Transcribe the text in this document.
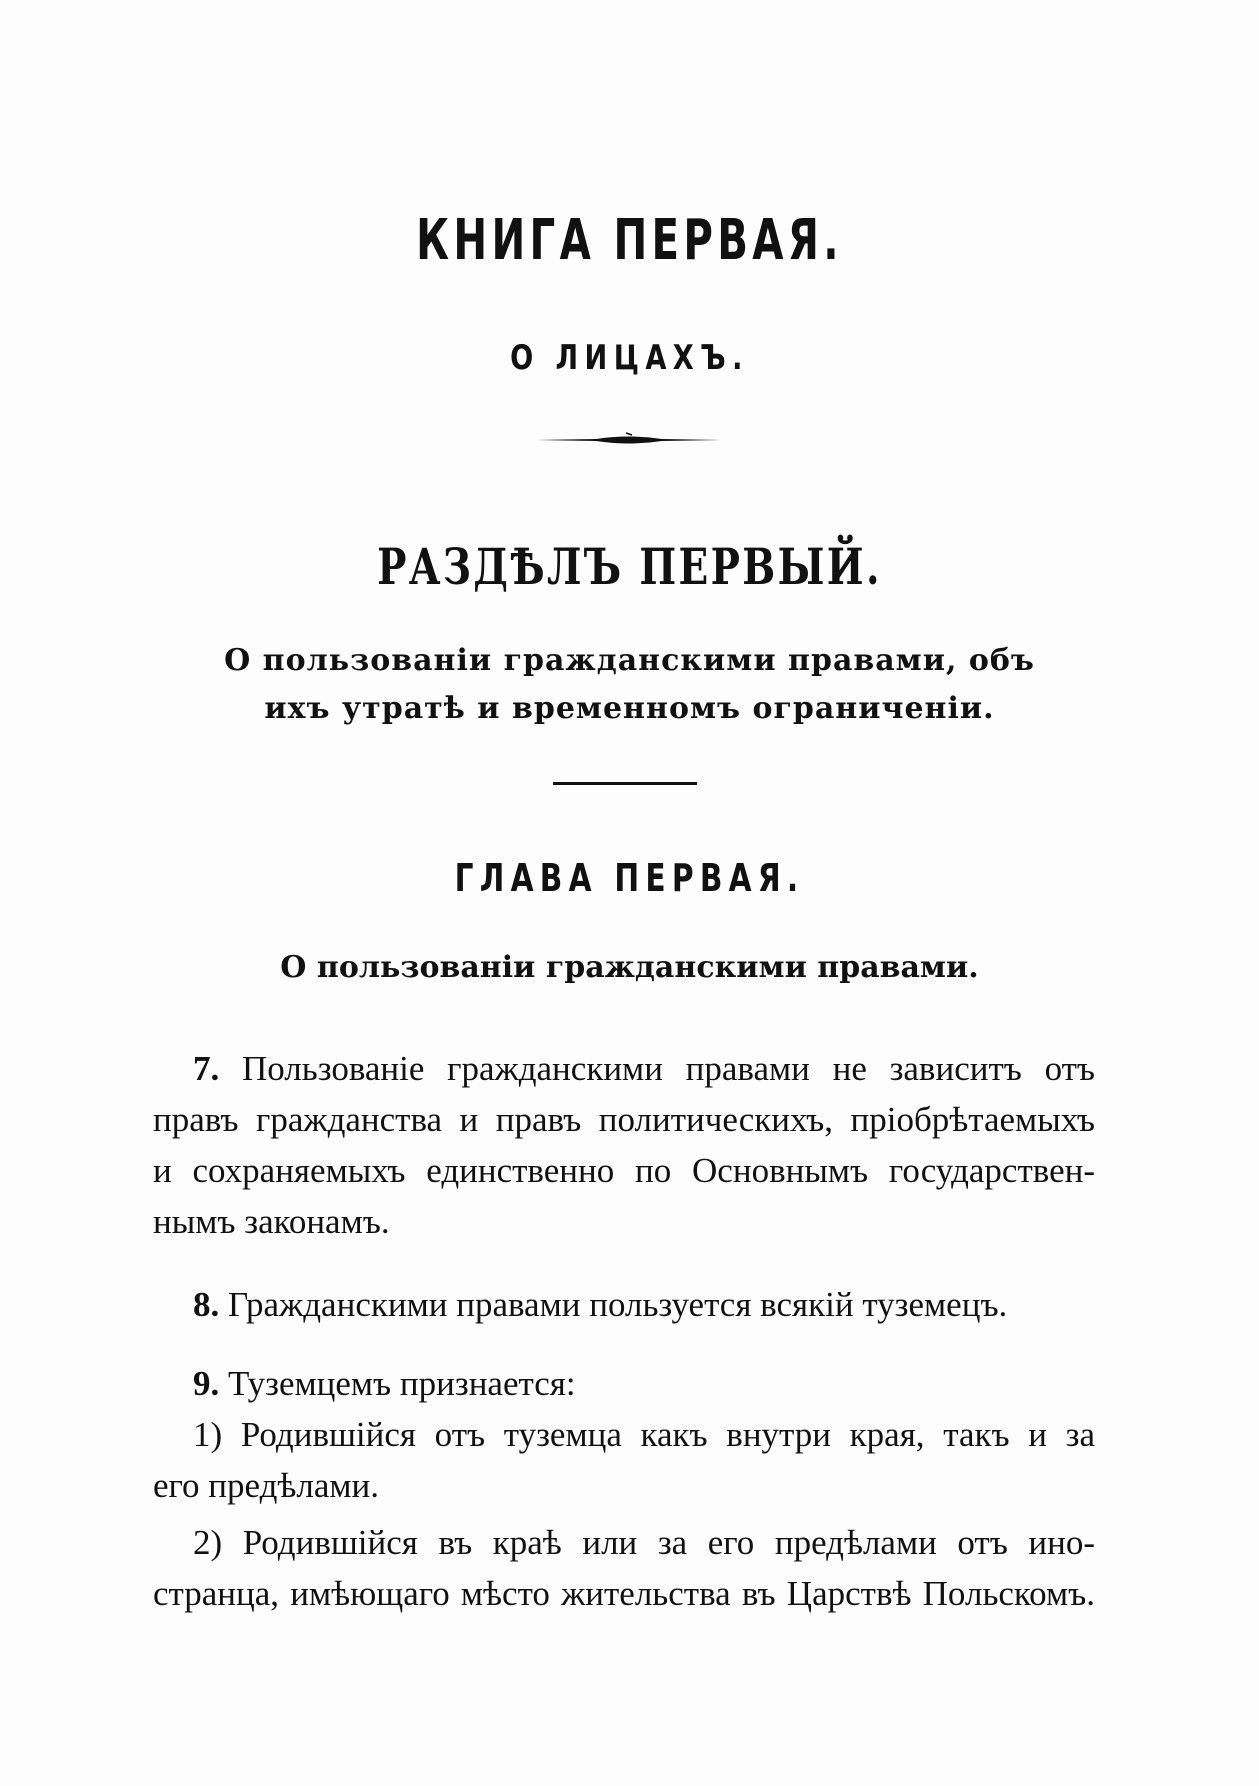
КНИГА ПЕРВАЯ.
О ЛИЦАХЪ.
РАЗДѢЛЪ ПЕРВЫЙ.
О пользованіи гражданскими правами, объ
ихъ утратѣ и временномъ ограниченіи.
ГЛАВА ПЕРВАЯ.
О пользованіи гражданскими правами.
7. Пользованіе гражданскими правами не зависитъ отъ
правъ гражданства и правъ политическихъ, пріобрѣтаемыхъ
и сохраняемыхъ единственно по Основнымъ государствен-
нымъ законамъ.
8. Гражданскими правами пользуется всякій туземецъ.
9. Туземцемъ признается:
1) Родившійся отъ туземца какъ внутри края, такъ и за
его предѣлами.
2) Родившійся въ краѣ или за его предѣлами отъ ино-
странца, имѣющаго мѣсто жительства въ Царствѣ Польскомъ.
